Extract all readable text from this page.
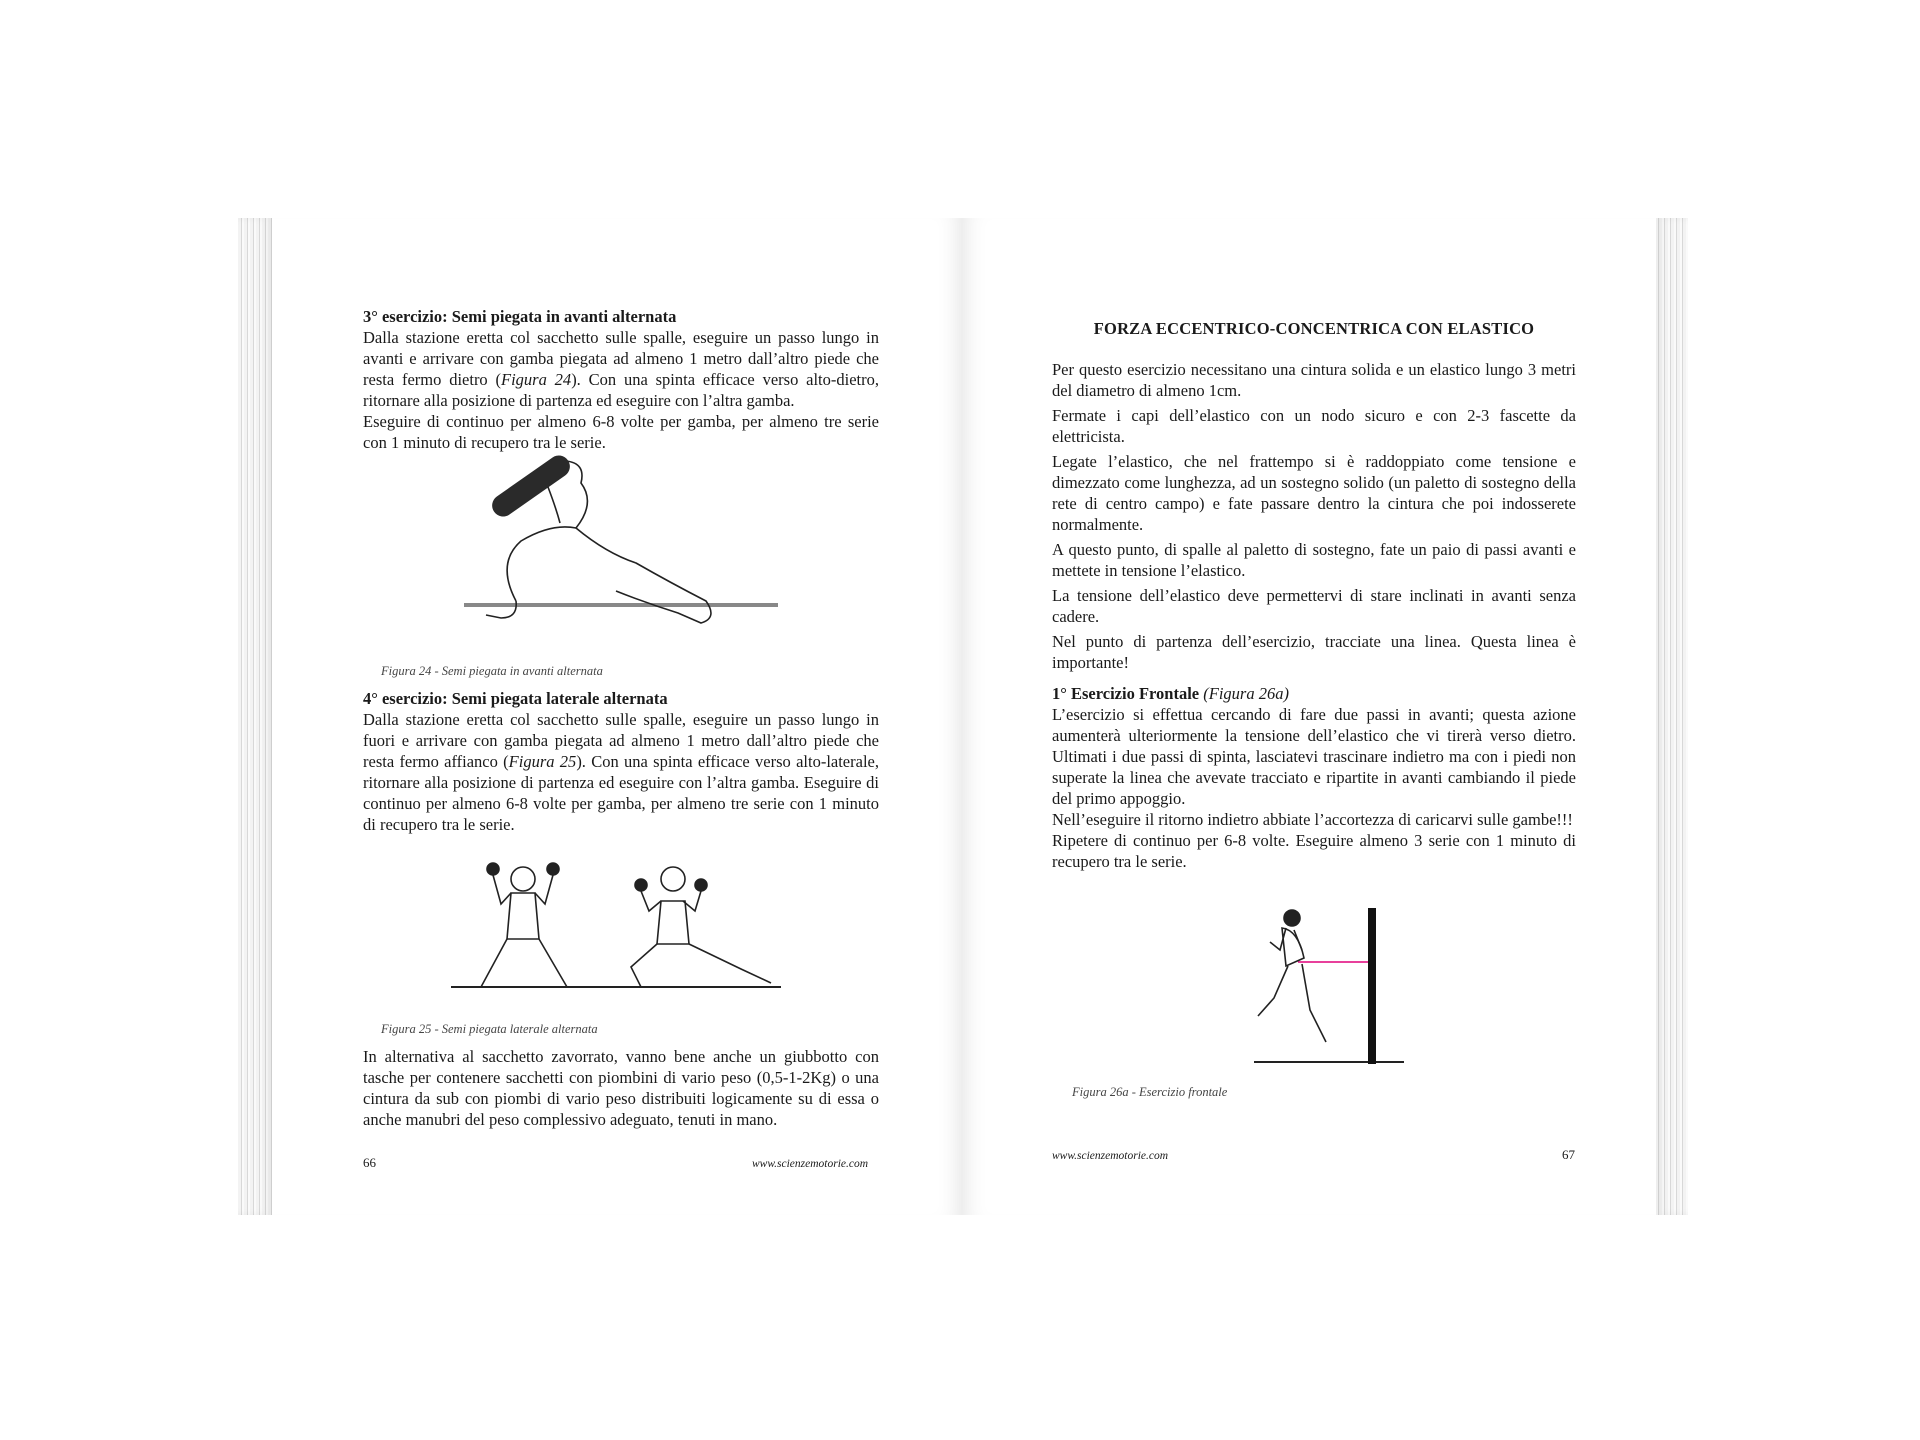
3° esercizio: Semi piegata in avanti alternata

Dalla stazione eretta col sacchetto sulle spalle, eseguire un passo lungo in avanti e arrivare con gamba piegata ad almeno 1 metro dall’altro piede che resta fermo dietro (Figura 24). Con una spinta efficace verso alto-dietro, ritornare alla posizione di partenza ed eseguire con l’altra gamba.

Eseguire di continuo per almeno 6-8 volte per gamba, per almeno tre serie con 1 minuto di recupero tra le serie.

Figura 24 - Semi piegata in avanti alternata

4° esercizio: Semi piegata laterale alternata

Dalla stazione eretta col sacchetto sulle spalle, eseguire un passo lungo in fuori e arrivare con gamba piegata ad almeno 1 metro dall’altro piede che resta fermo affianco (Figura 25). Con una spinta efficace verso alto-laterale, ritornare alla posizione di partenza ed eseguire con l’altra gamba. Eseguire di continuo per almeno 6-8 volte per gamba, per almeno tre serie con 1 minuto di recupero tra le serie.

Figura 25 - Semi piegata laterale alternata

In alternativa al sacchetto zavorrato, vanno bene anche un giubbotto con tasche per contenere sacchetti con piombini di vario peso (0,5-1-2Kg) o una cintura da sub con piombi di vario peso distribuiti logicamente su di essa o anche manubri del peso complessivo adeguato, tenuti in mano.

66	www.scienzemotorie.com
FORZA ECCENTRICO-CONCENTRICA CON ELASTICO

Per questo esercizio necessitano una cintura solida e un elastico lungo 3 metri del diametro di almeno 1cm.

Fermate i capi dell’elastico con un nodo sicuro e con 2-3 fascette da elettricista.

Legate l’elastico, che nel frattempo si è raddoppiato come tensione e dimezzato come lunghezza, ad un sostegno solido (un paletto di sostegno della rete di centro campo) e fate passare dentro la cintura che poi indosserete normalmente.

A questo punto, di spalle al paletto di sostegno, fate un paio di passi avanti e mettete in tensione l’elastico.

La tensione dell’elastico deve permettervi di stare inclinati in avanti senza cadere.

Nel punto di partenza dell’esercizio, tracciate una linea. Questa linea è importante!

1° Esercizio Frontale (Figura 26a)

L’esercizio si effettua cercando di fare due passi in avanti; questa azione aumenterà ulteriormente la tensione dell’elastico che vi tirerà verso dietro. Ultimati i due passi di spinta, lasciatevi trascinare indietro ma con i piedi non superate la linea che avevate tracciato e ripartite in avanti cambiando il piede del primo appoggio.

Nell’eseguire il ritorno indietro abbiate l’accortezza di caricarvi sulle gambe!!!

Ripetere di continuo per 6-8 volte. Eseguire almeno 3 serie con 1 minuto di recupero tra le serie.

Figura 26a - Esercizio frontale

www.scienzemotorie.com	67
